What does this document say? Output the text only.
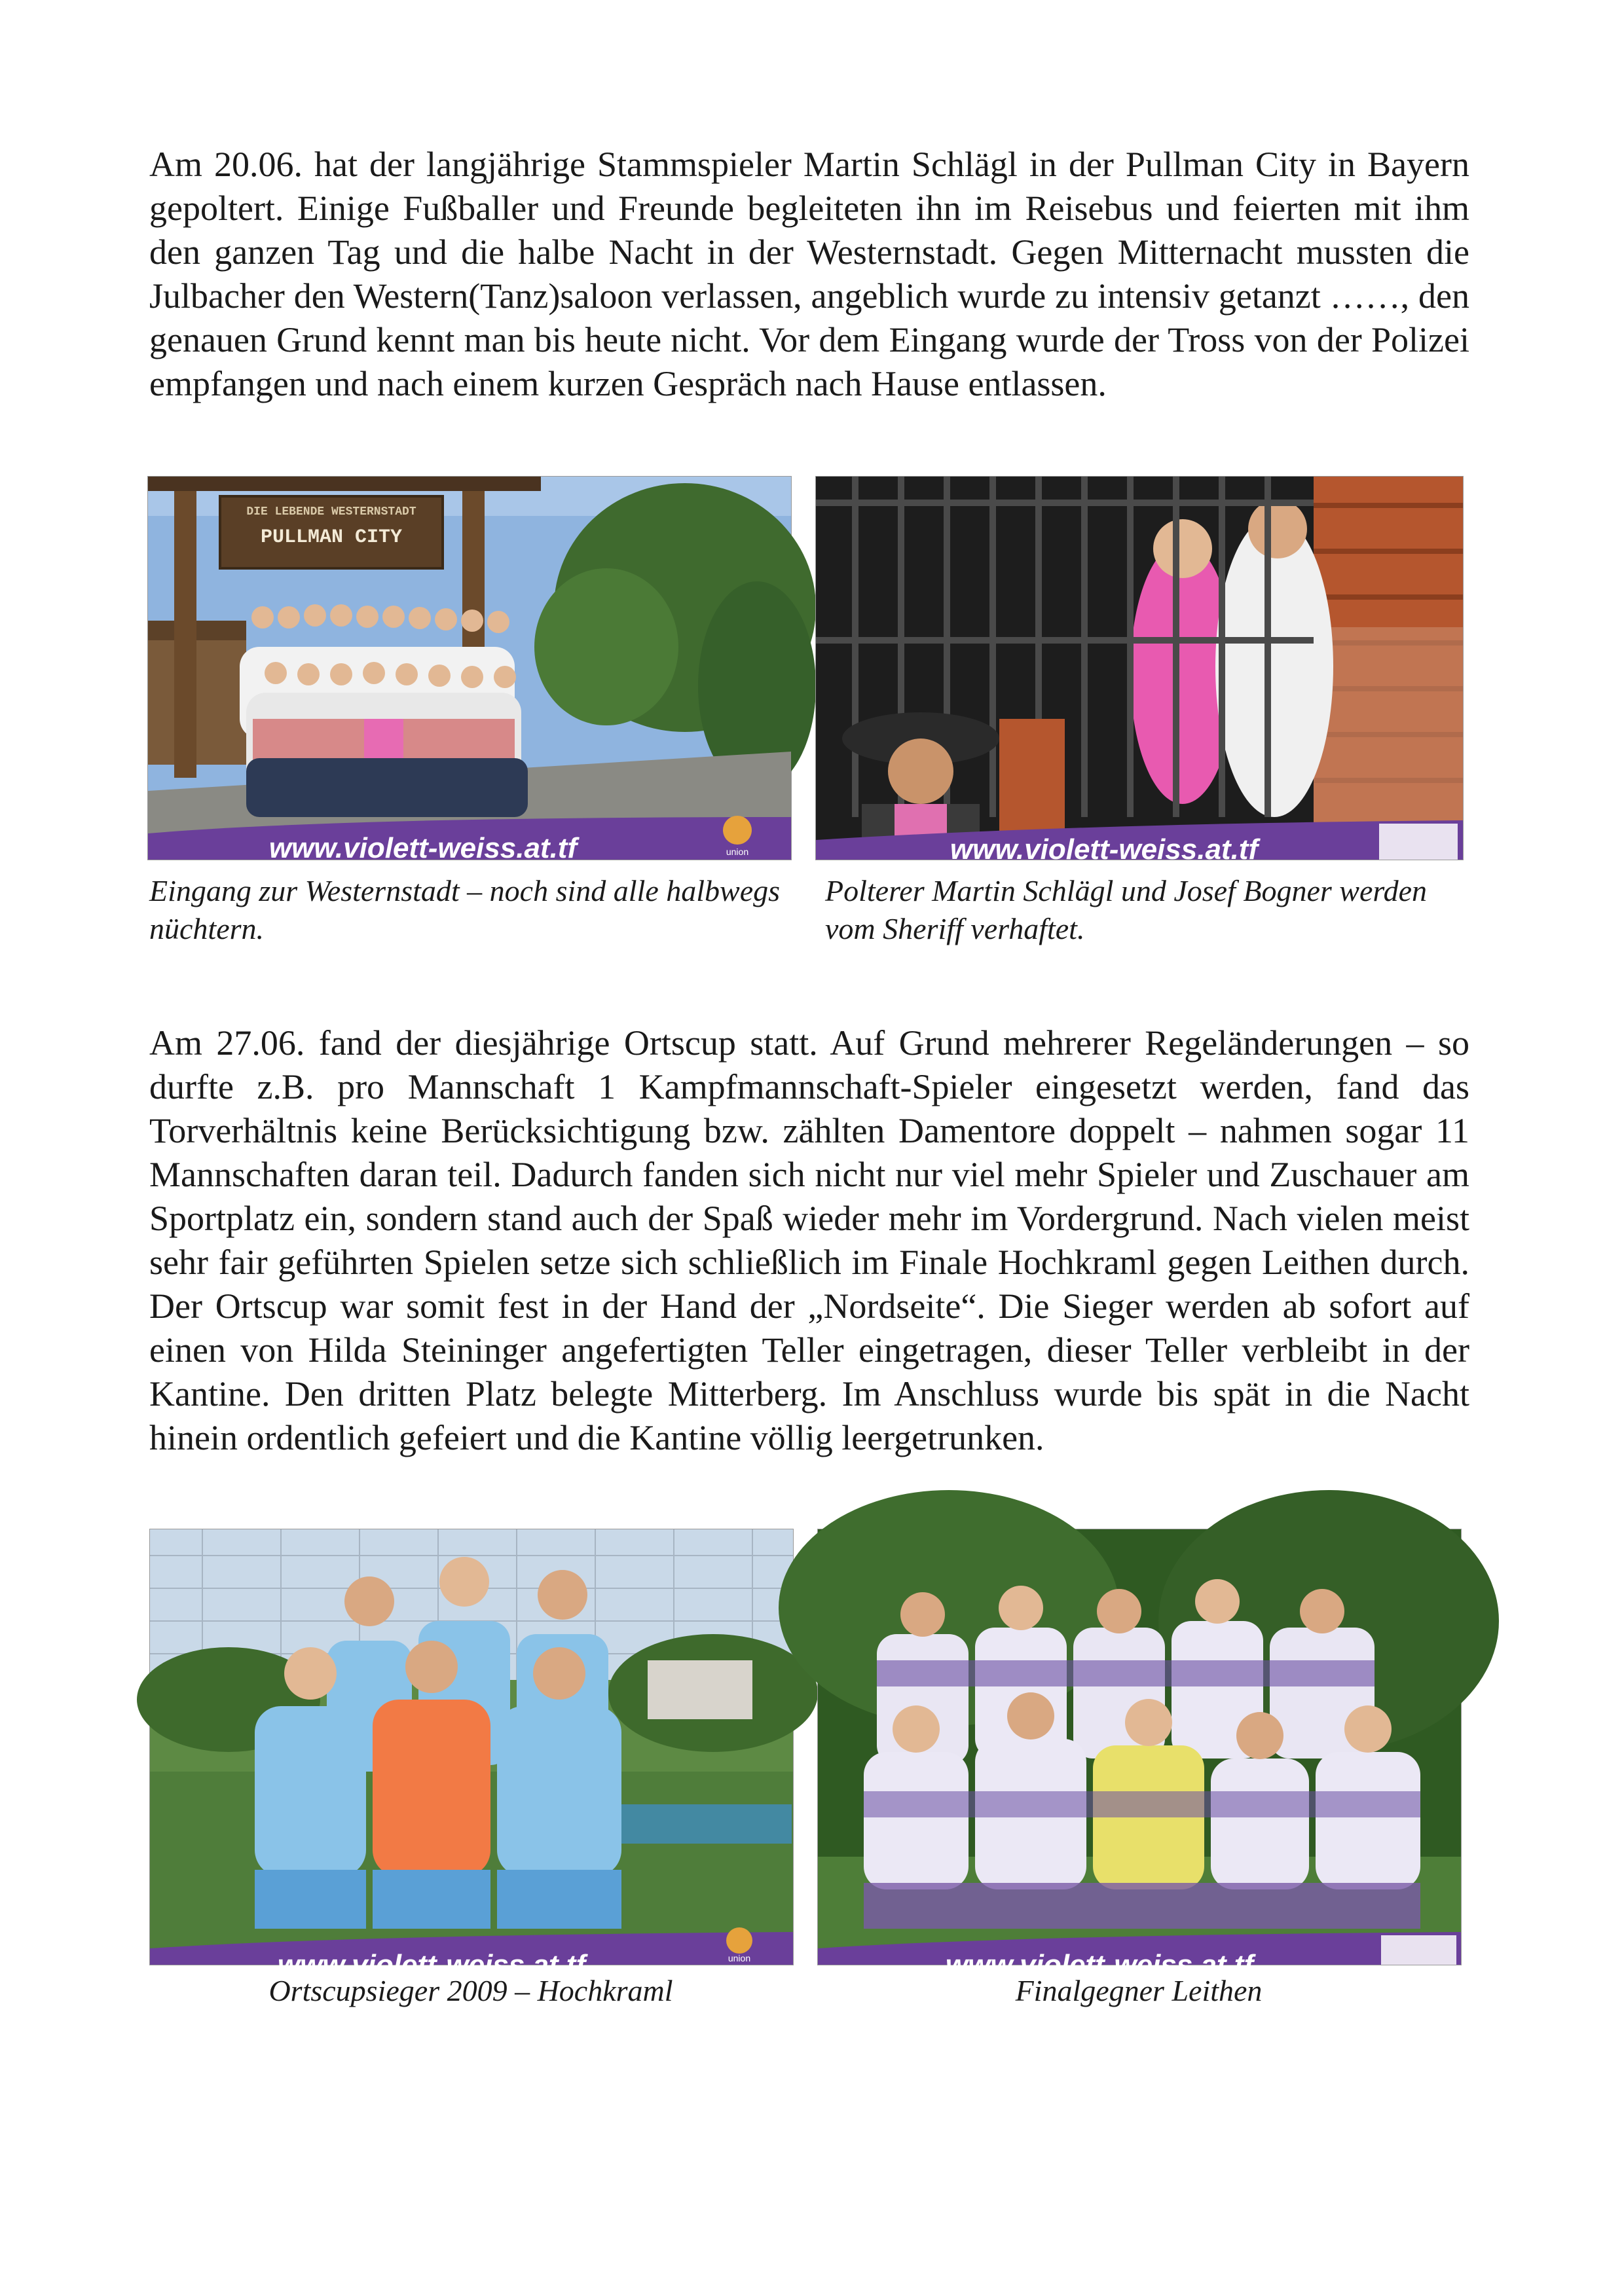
Am 20.06. hat der langjährige Stammspieler Martin Schlägl in der Pullman City in Bayern gepoltert. Einige Fußballer und Freunde begleiteten ihn im Reisebus und feierten mit ihm den ganzen Tag und die halbe Nacht in der Westernstadt. Gegen Mitternacht mussten die Julbacher den Western(Tanz)saloon verlassen, angeblich wurde zu intensiv getanzt ……, den genauen Grund kennt man bis heute nicht. Vor dem Eingang wurde der Tross von der Polizei empfangen und nach einem kurzen Gespräch nach Hause entlassen.

DIE LEBENDE WESTERNSTADT
PULLMAN CITY
www.violett-weiss.at.tf	union

Eingang zur Westernstadt – noch sind alle halbwegs nüchtern.

www.violett-weiss.at.tf

Polterer Martin Schlägl und Josef Bogner werden vom Sheriff verhaftet.

Am 27.06. fand der diesjährige Ortscup statt. Auf Grund mehrerer Regeländerungen – so durfte z.B. pro Mannschaft 1 Kampfmannschaft-Spieler eingesetzt werden, fand das Torverhältnis keine Berücksichtigung bzw. zählten Damentore doppelt – nahmen sogar 11 Mannschaften daran teil. Dadurch fanden sich nicht nur viel mehr Spieler und Zuschauer am Sportplatz ein, sondern stand auch der Spaß wieder mehr im Vordergrund. Nach vielen meist sehr fair geführten Spielen setze sich schließlich im Finale Hochkraml gegen Leithen durch. Der Ortscup war somit fest in der Hand der „Nordseite“. Die Sieger werden ab sofort auf einen von Hilda Steininger angefertigten Teller eingetragen, dieser Teller verbleibt in der Kantine. Den dritten Platz belegte Mitterberg. Im Anschluss wurde bis spät in die Nacht hinein ordentlich gefeiert und die Kantine völlig leergetrunken.

www.violett-weiss.at.tf	union

Ortscupsieger 2009 – Hochkraml

www.violett-weiss.at.tf

Finalgegner Leithen
